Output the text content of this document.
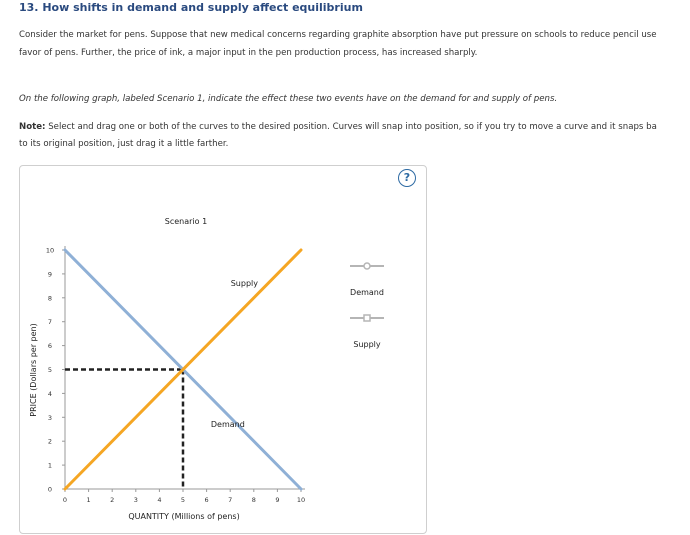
13. How shifts in demand and supply affect equilibrium
Consider the market for pens. Suppose that new medical concerns regarding graphite absorption have put pressure on schools to reduce pencil use
favor of pens. Further, the price of ink, a major input in the pen production process, has increased sharply.
On the following graph, labeled Scenario 1, indicate the effect these two events have on the demand for and supply of pens.
Note: Select and drag one or both of the curves to the desired position. Curves will snap into position, so if you try to move a curve and it snaps ba
to its original position, just drag it a little farther.
?
Scenario 1
QUANTITY (Millions of pens)
PRICE (Dollars per pen)
0	1	2	3	4	5	6	7	8	9	10
0
1
2
3
4
5
6
7
8
9
10
Demand
Supply
Demand
Supply
